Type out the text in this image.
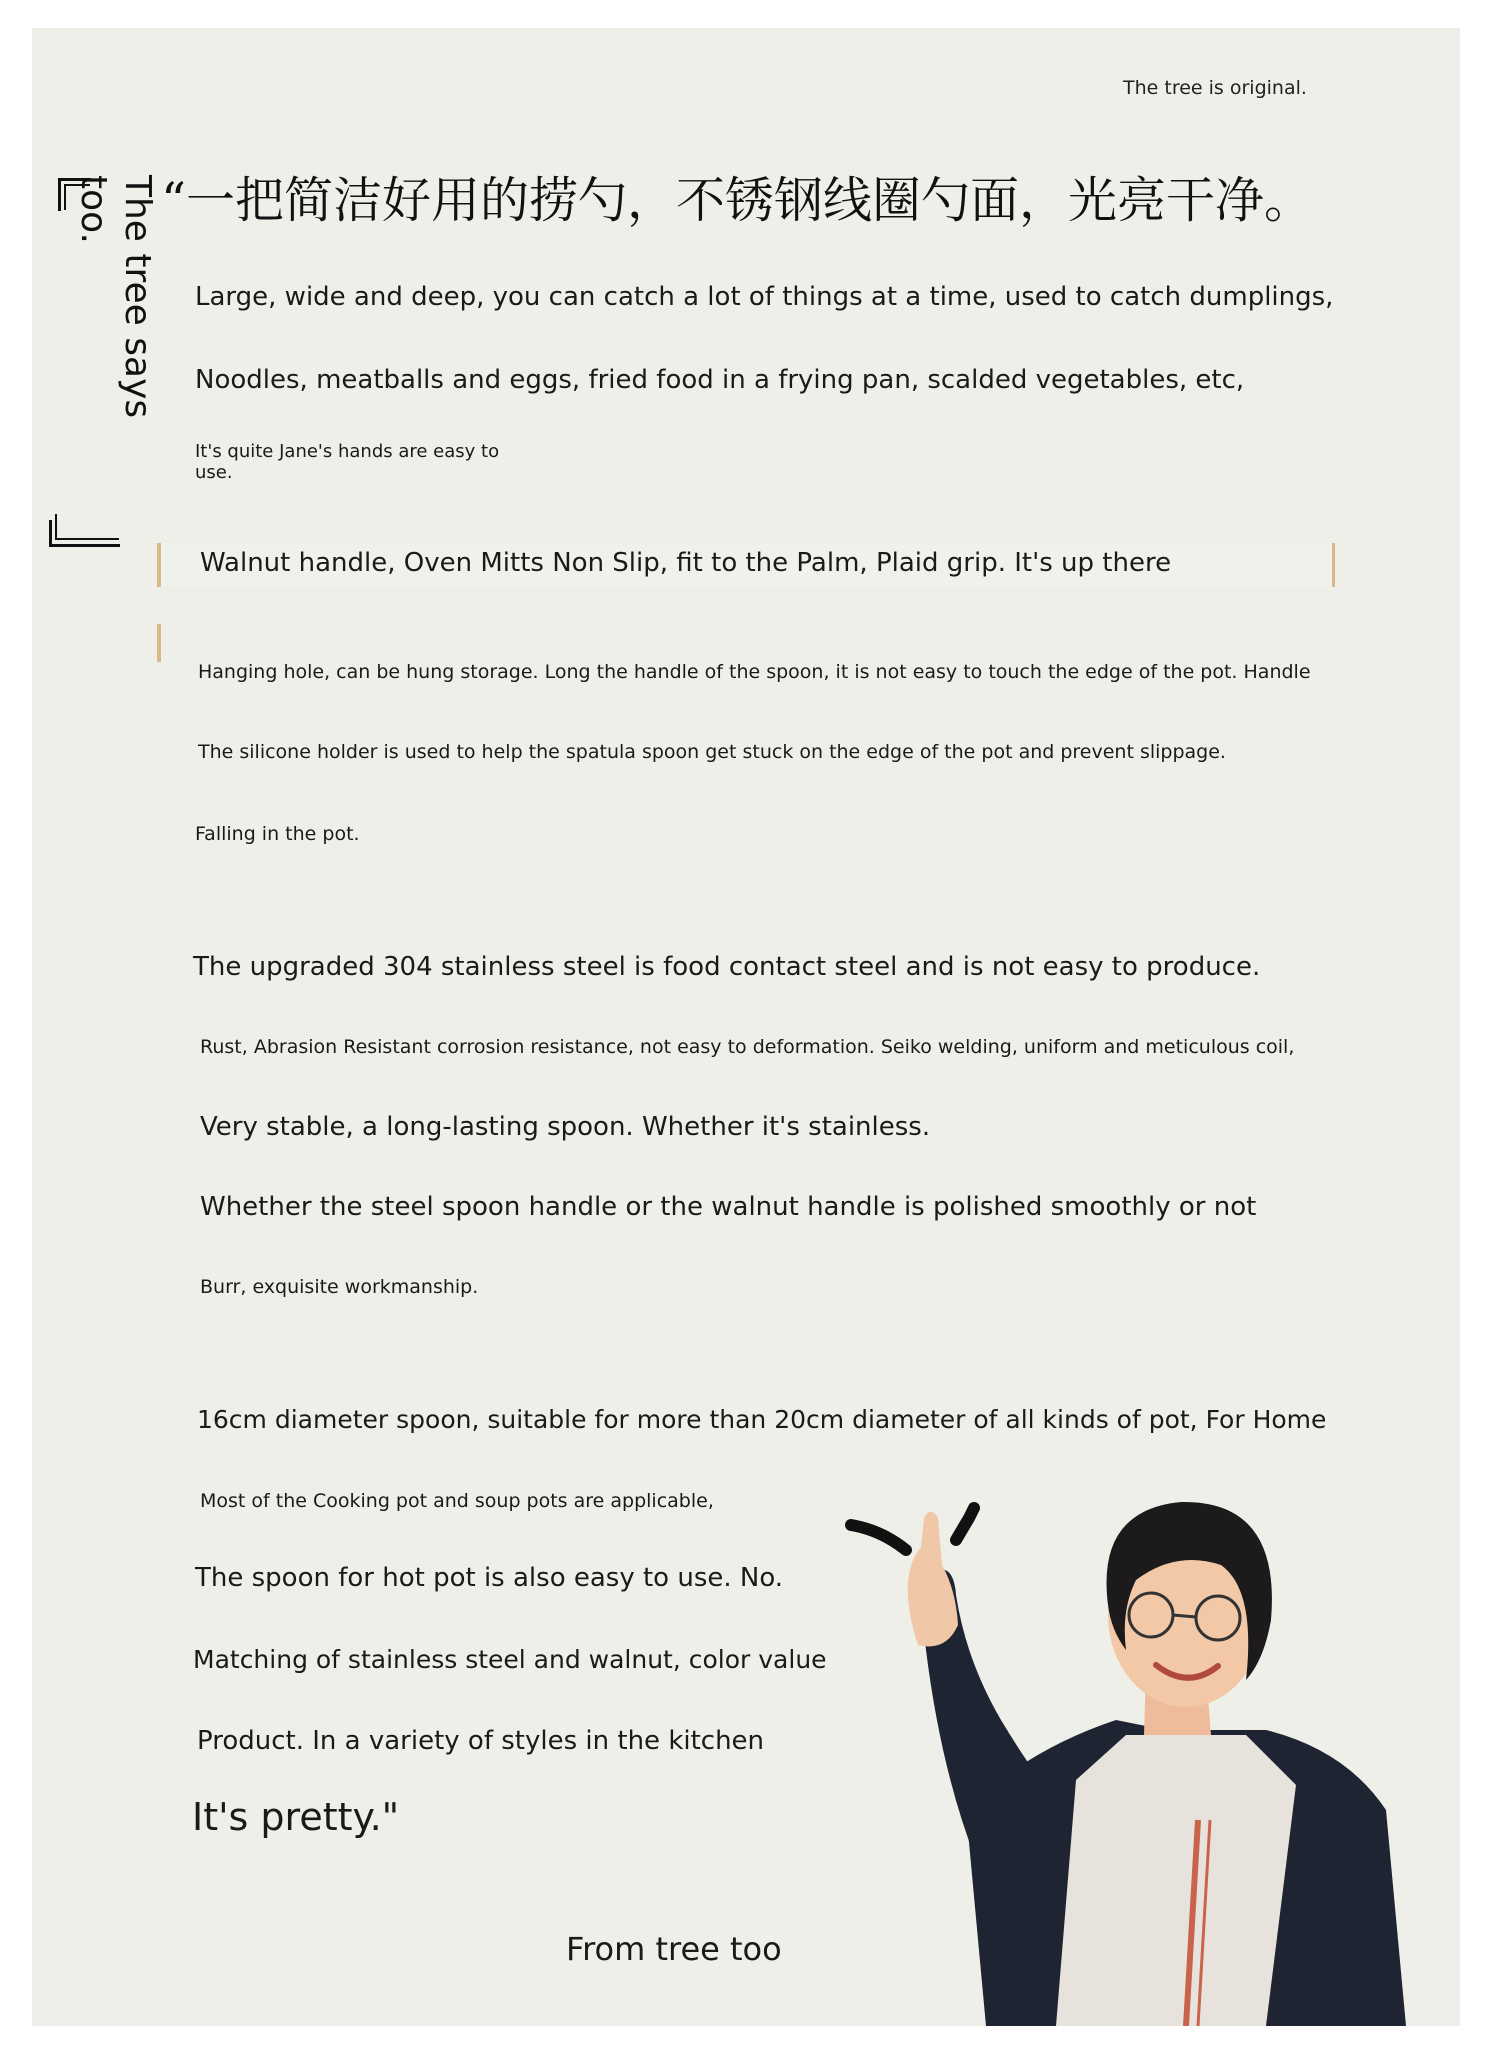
The tree is original.
The tree says
too. “一把简洁好用的捞勺，不锈钢线圈勺面，光亮干净。
Large, wide and deep, you can catch a lot of things at a time, used to catch dumplings,
Noodles, meatballs and eggs, fried food in a frying pan, scalded vegetables, etc,
It's quite Jane's hands are easy to use.
Walnut handle, Oven Mitts Non Slip, fit to the Palm, Plaid grip. It's up there
Hanging hole, can be hung storage. Long the handle of the spoon, it is not easy to touch the edge of the pot. Handle
The silicone holder is used to help the spatula spoon get stuck on the edge of the pot and prevent slippage.
Falling in the pot.
The upgraded 304 stainless steel is food contact steel and is not easy to produce.
Rust, Abrasion Resistant corrosion resistance, not easy to deformation. Seiko welding, uniform and meticulous coil,
Very stable, a long-lasting spoon. Whether it's stainless.
Whether the steel spoon handle or the walnut handle is polished smoothly or not
Burr, exquisite workmanship.
16cm diameter spoon, suitable for more than 20cm diameter of all kinds of pot, For Home
Most of the Cooking pot and soup pots are applicable,
The spoon for hot pot is also easy to use. No.
Matching of stainless steel and walnut, color value
Product. In a variety of styles in the kitchen
It's pretty."
From tree too
